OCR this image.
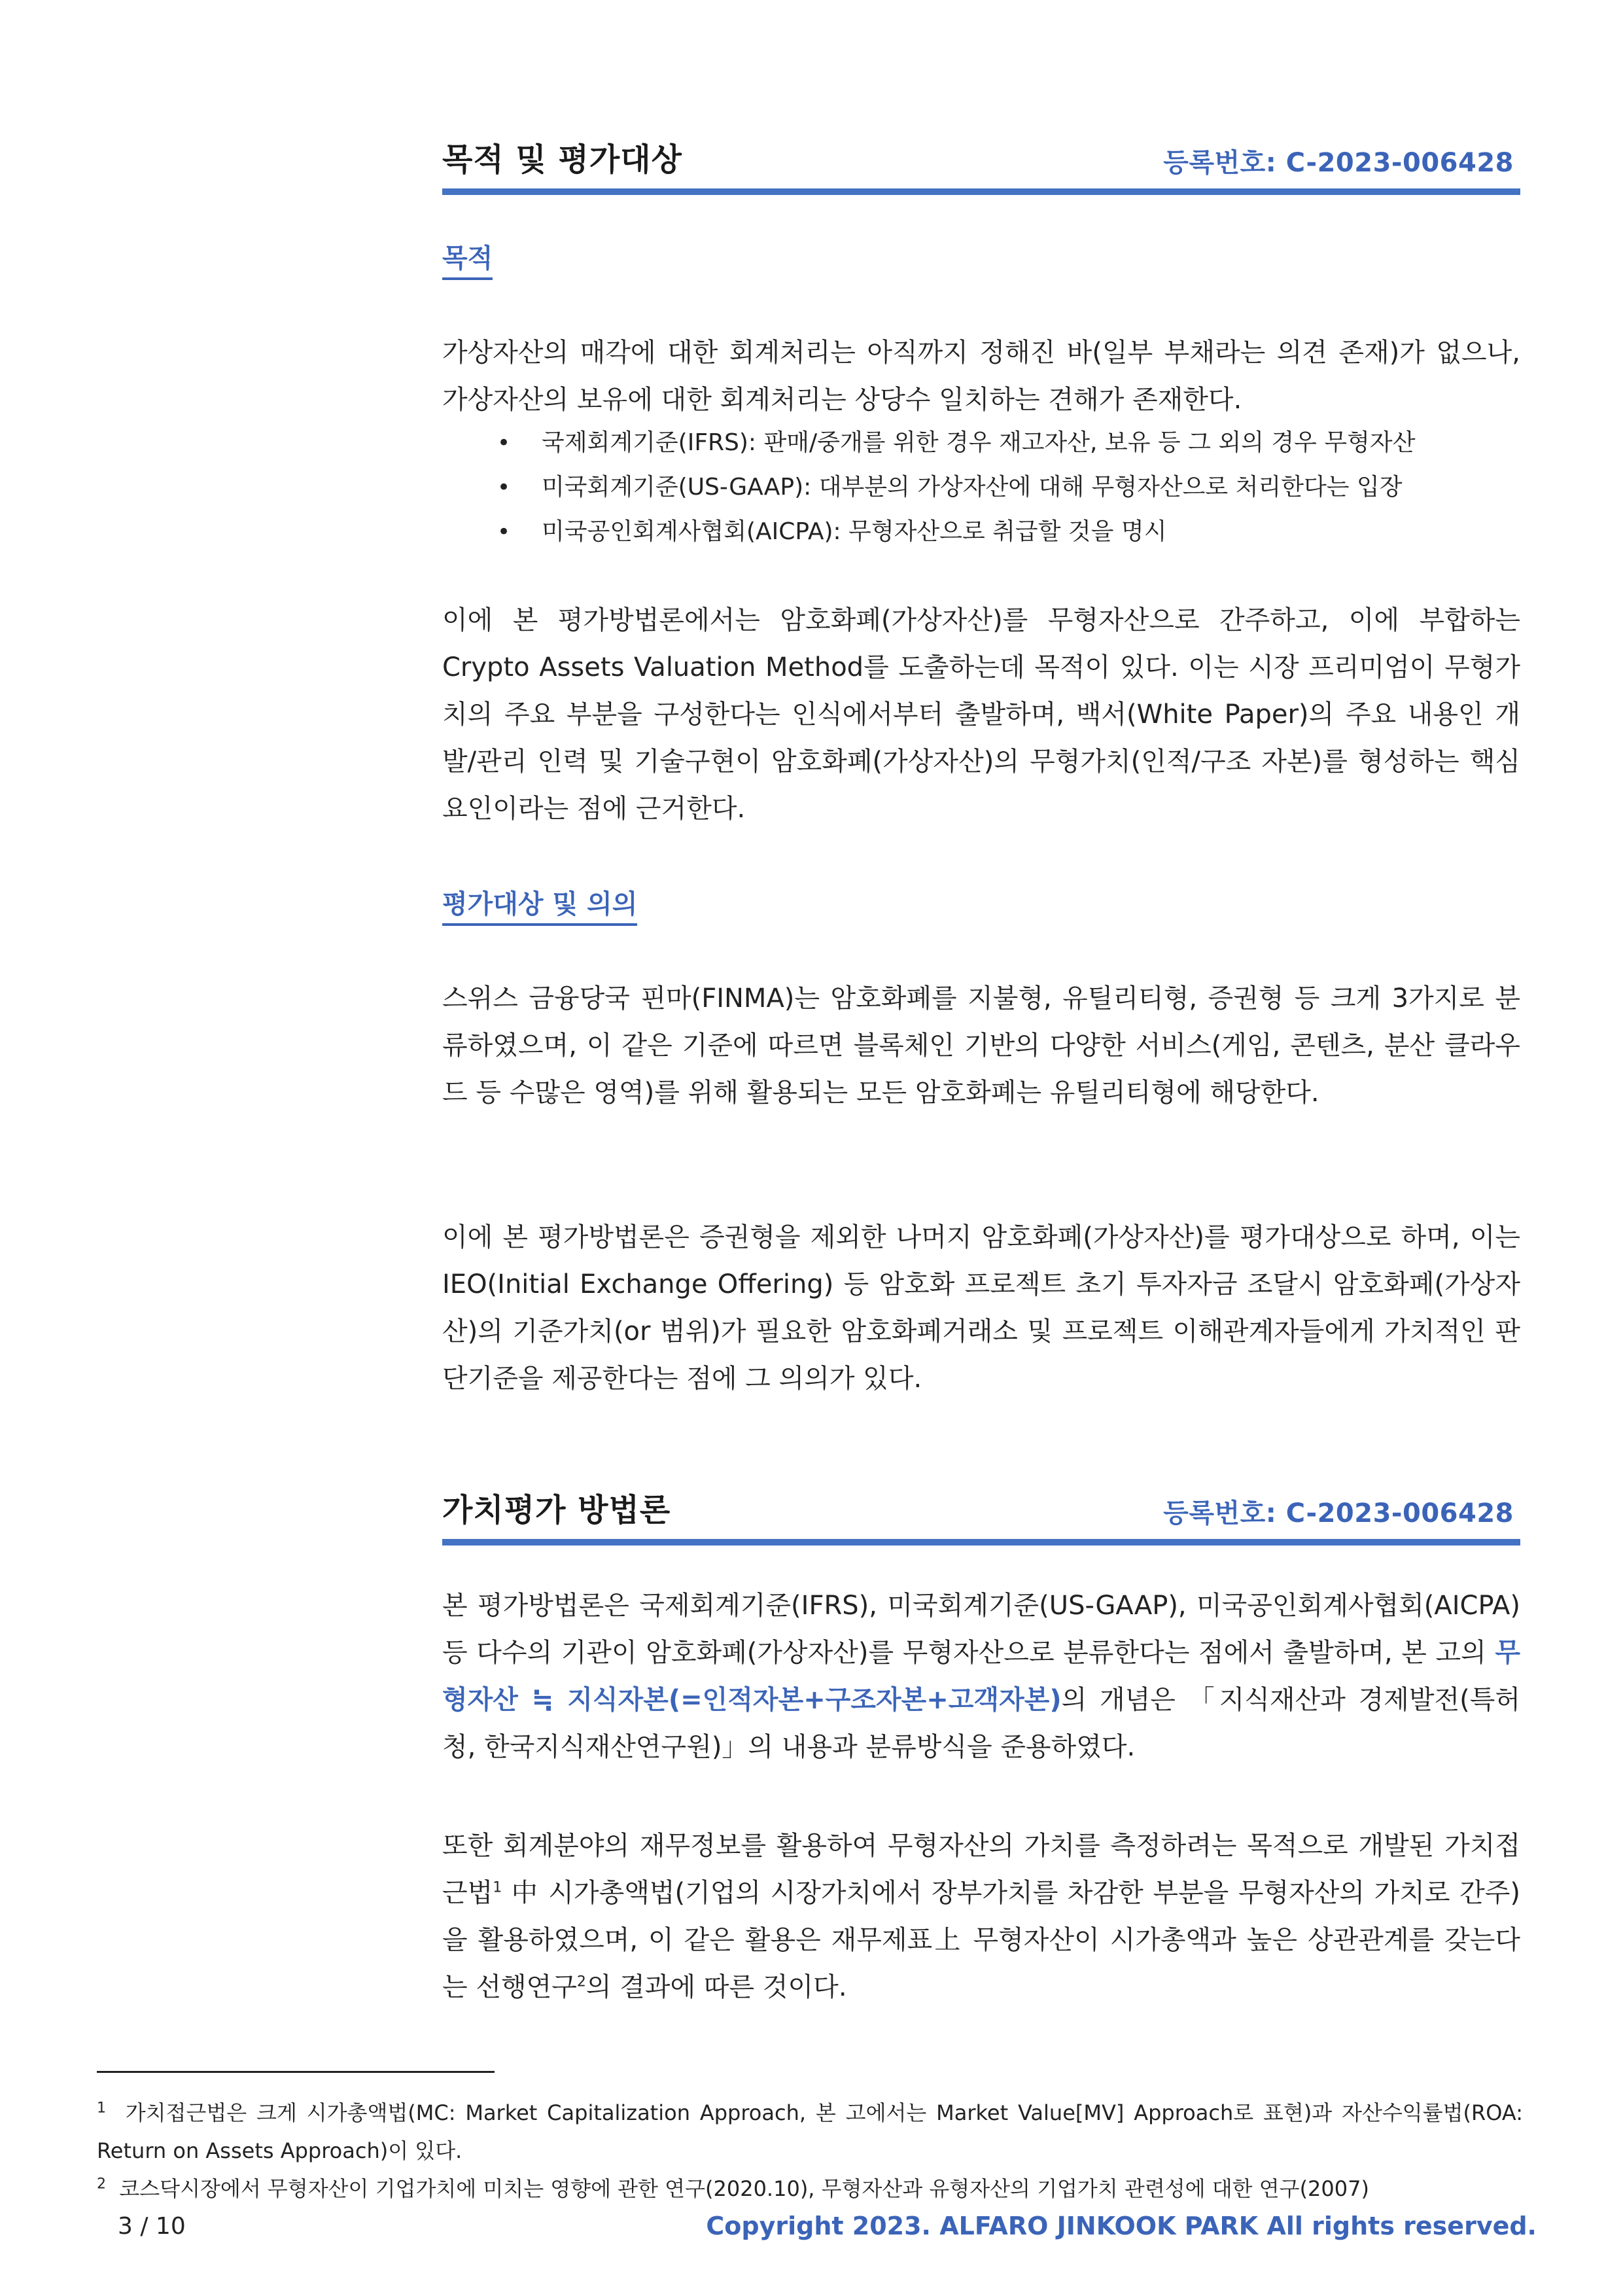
목적 및 평가대상	등록번호: C-2023-006428
목적
가상자산의 매각에 대한 회계처리는 아직까지 정해진 바(일부 부채라는 의견 존재)가 없으나, 가상자산의 보유에 대한 회계처리는 상당수 일치하는 견해가 존재한다.
• 국제회계기준(IFRS): 판매/중개를 위한 경우 재고자산, 보유 등 그 외의 경우 무형자산
• 미국회계기준(US-GAAP): 대부분의 가상자산에 대해 무형자산으로 처리한다는 입장
• 미국공인회계사협회(AICPA): 무형자산으로 취급할 것을 명시
이에 본 평가방법론에서는 암호화폐(가상자산)를 무형자산으로 간주하고, 이에 부합하는 Crypto Assets Valuation Method를 도출하는데 목적이 있다. 이는 시장 프리미엄이 무형가치의 주요 부분을 구성한다는 인식에서부터 출발하며, 백서(White Paper)의 주요 내용인 개발/관리 인력 및 기술구현이 암호화폐(가상자산)의 무형가치(인적/구조 자본)를 형성하는 핵심요인이라는 점에 근거한다.
평가대상 및 의의
스위스 금융당국 핀마(FINMA)는 암호화폐를 지불형, 유틸리티형, 증권형 등 크게 3가지로 분류하였으며, 이 같은 기준에 따르면 블록체인 기반의 다양한 서비스(게임, 콘텐츠, 분산 클라우드 등 수많은 영역)를 위해 활용되는 모든 암호화폐는 유틸리티형에 해당한다.
이에 본 평가방법론은 증권형을 제외한 나머지 암호화폐(가상자산)를 평가대상으로 하며, 이는 IEO(Initial Exchange Offering) 등 암호화 프로젝트 초기 투자자금 조달시 암호화폐(가상자산)의 기준가치(or 범위)가 필요한 암호화폐거래소 및 프로젝트 이해관계자들에게 가치적인 판단기준을 제공한다는 점에 그 의의가 있다.
가치평가 방법론	등록번호: C-2023-006428
본 평가방법론은 국제회계기준(IFRS), 미국회계기준(US-GAAP), 미국공인회계사협회(AICPA) 등 다수의 기관이 암호화폐(가상자산)를 무형자산으로 분류한다는 점에서 출발하며, 본 고의 무형자산 ≒ 지식자본(=인적자본+구조자본+고객자본)의 개념은 「지식재산과 경제발전(특허청, 한국지식재산연구원)」의 내용과 분류방식을 준용하였다.
또한 회계분야의 재무정보를 활용하여 무형자산의 가치를 측정하려는 목적으로 개발된 가치접근법$^1$ 中 시가총액법(기업의 시장가치에서 장부가치를 차감한 부분을 무형자산의 가치로 간주)을 활용하였으며, 이 같은 활용은 재무제표上 무형자산이 시가총액과 높은 상관관계를 갖는다는 선행연구$^2$의 결과에 따른 것이다.
$^1$ 가치접근법은 크게 시가총액법(MC: Market Capitalization Approach, 본 고에서는 Market Value[MV] Approach로 표현)과 자산수익률법(ROA: Return on Assets Approach)이 있다.
$^2$ 코스닥시장에서 무형자산이 기업가치에 미치는 영향에 관한 연구(2020.10), 무형자산과 유형자산의 기업가치 관련성에 대한 연구(2007)
3 / 10	Copyright 2023. ALFARO JINKOOK PARK All rights reserved.
